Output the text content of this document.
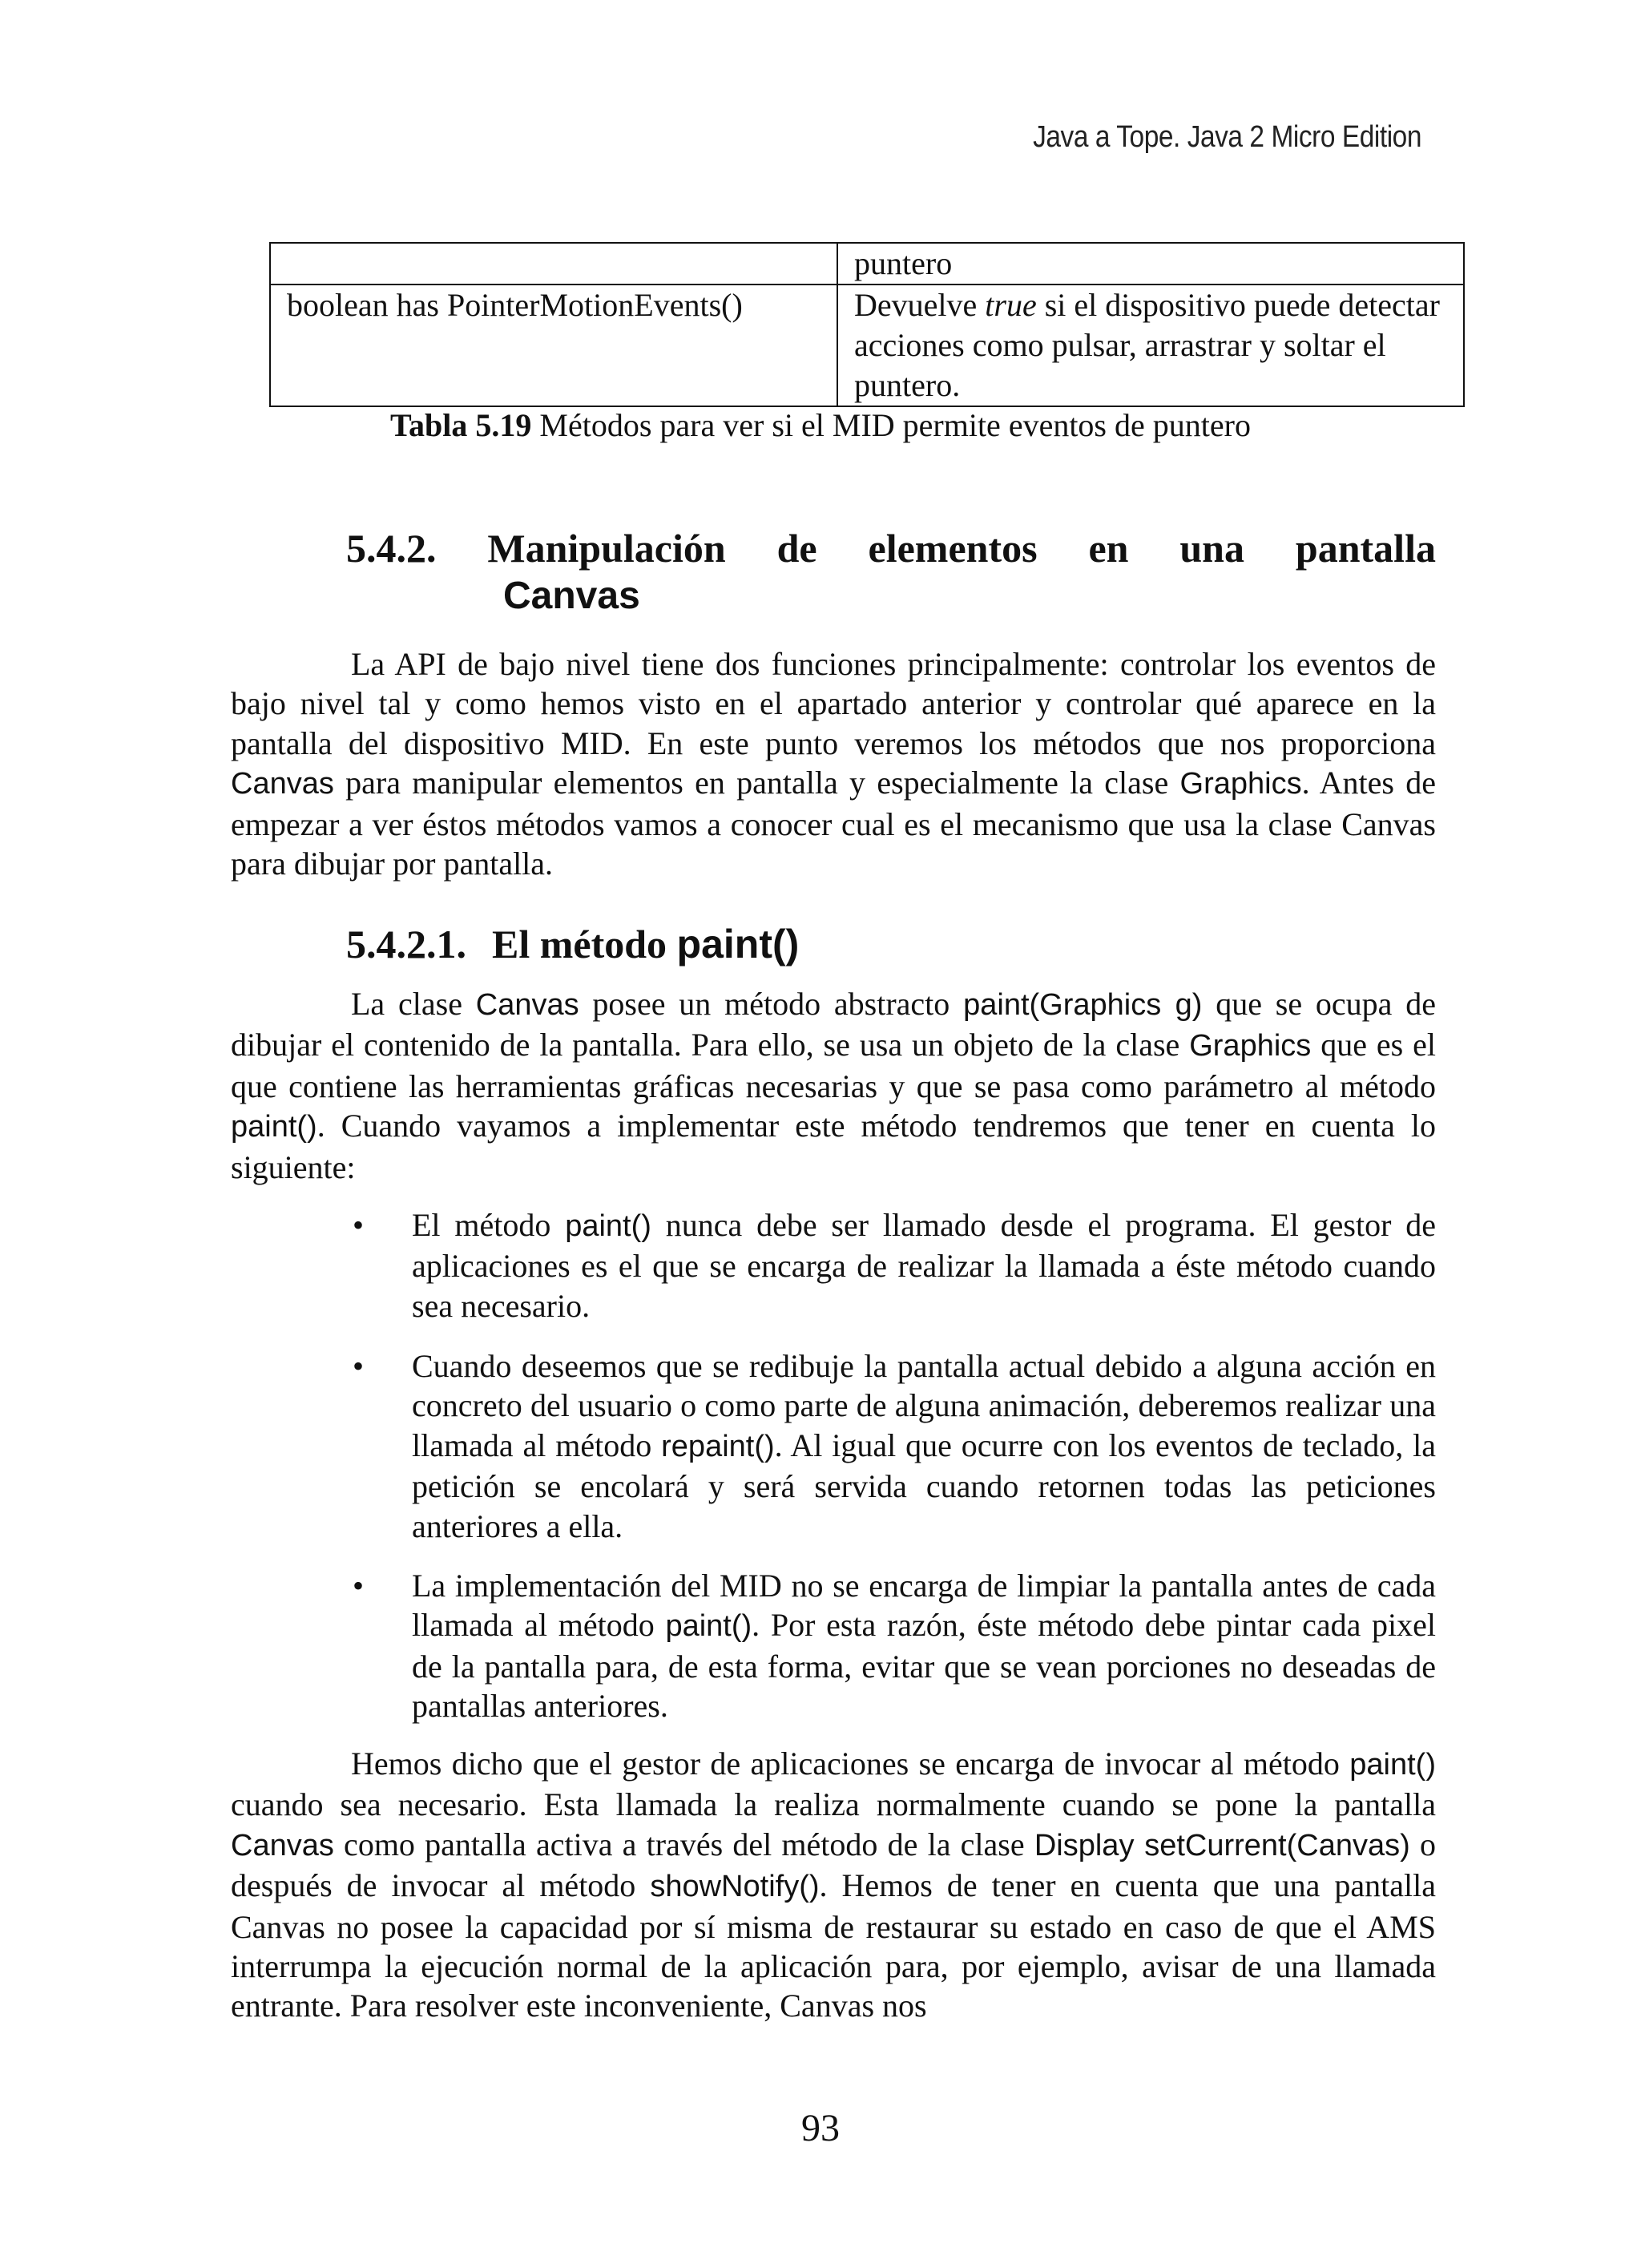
Java a Tope. Java 2 Micro Edition
	puntero
boolean has PointerMotionEvents()	Devuelve true si el dispositivo puede detectar acciones como pulsar, arrastrar y soltar el puntero.
Tabla 5.19 Métodos para ver si el MID permite eventos de puntero
5.4.2. Manipulación de elementos en una pantalla
Canvas

La API de bajo nivel tiene dos funciones principalmente: controlar los eventos de bajo nivel tal y como hemos visto en el apartado anterior y controlar qué aparece en la pantalla del dispositivo MID. En este punto veremos los métodos que nos proporciona Canvas para manipular elementos en pantalla y especialmente la clase Graphics. Antes de empezar a ver éstos métodos vamos a conocer cual es el mecanismo que usa la clase Canvas para dibujar por pantalla.

5.4.2.1. El método paint()

La clase Canvas posee un método abstracto paint(Graphics g) que se ocupa de dibujar el contenido de la pantalla. Para ello, se usa un objeto de la clase Graphics que es el que contiene las herramientas gráficas necesarias y que se pasa como parámetro al método paint(). Cuando vayamos a implementar este método tendremos que tener en cuenta lo siguiente:

• El método paint() nunca debe ser llamado desde el programa. El gestor de aplicaciones es el que se encarga de realizar la llamada a éste método cuando sea necesario.
• Cuando deseemos que se redibuje la pantalla actual debido a alguna acción en concreto del usuario o como parte de alguna animación, deberemos realizar una llamada al método repaint(). Al igual que ocurre con los eventos de teclado, la petición se encolará y será servida cuando retornen todas las peticiones anteriores a ella.
• La implementación del MID no se encarga de limpiar la pantalla antes de cada llamada al método paint(). Por esta razón, éste método debe pintar cada pixel de la pantalla para, de esta forma, evitar que se vean porciones no deseadas de pantallas anteriores.

Hemos dicho que el gestor de aplicaciones se encarga de invocar al método paint() cuando sea necesario. Esta llamada la realiza normalmente cuando se pone la pantalla Canvas como pantalla activa a través del método de la clase Display setCurrent(Canvas) o después de invocar al método showNotify(). Hemos de tener en cuenta que una pantalla Canvas no posee la capacidad por sí misma de restaurar su estado en caso de que el AMS interrumpa la ejecución normal de la aplicación para, por ejemplo, avisar de una llamada entrante. Para resolver este inconveniente, Canvas nos

93
